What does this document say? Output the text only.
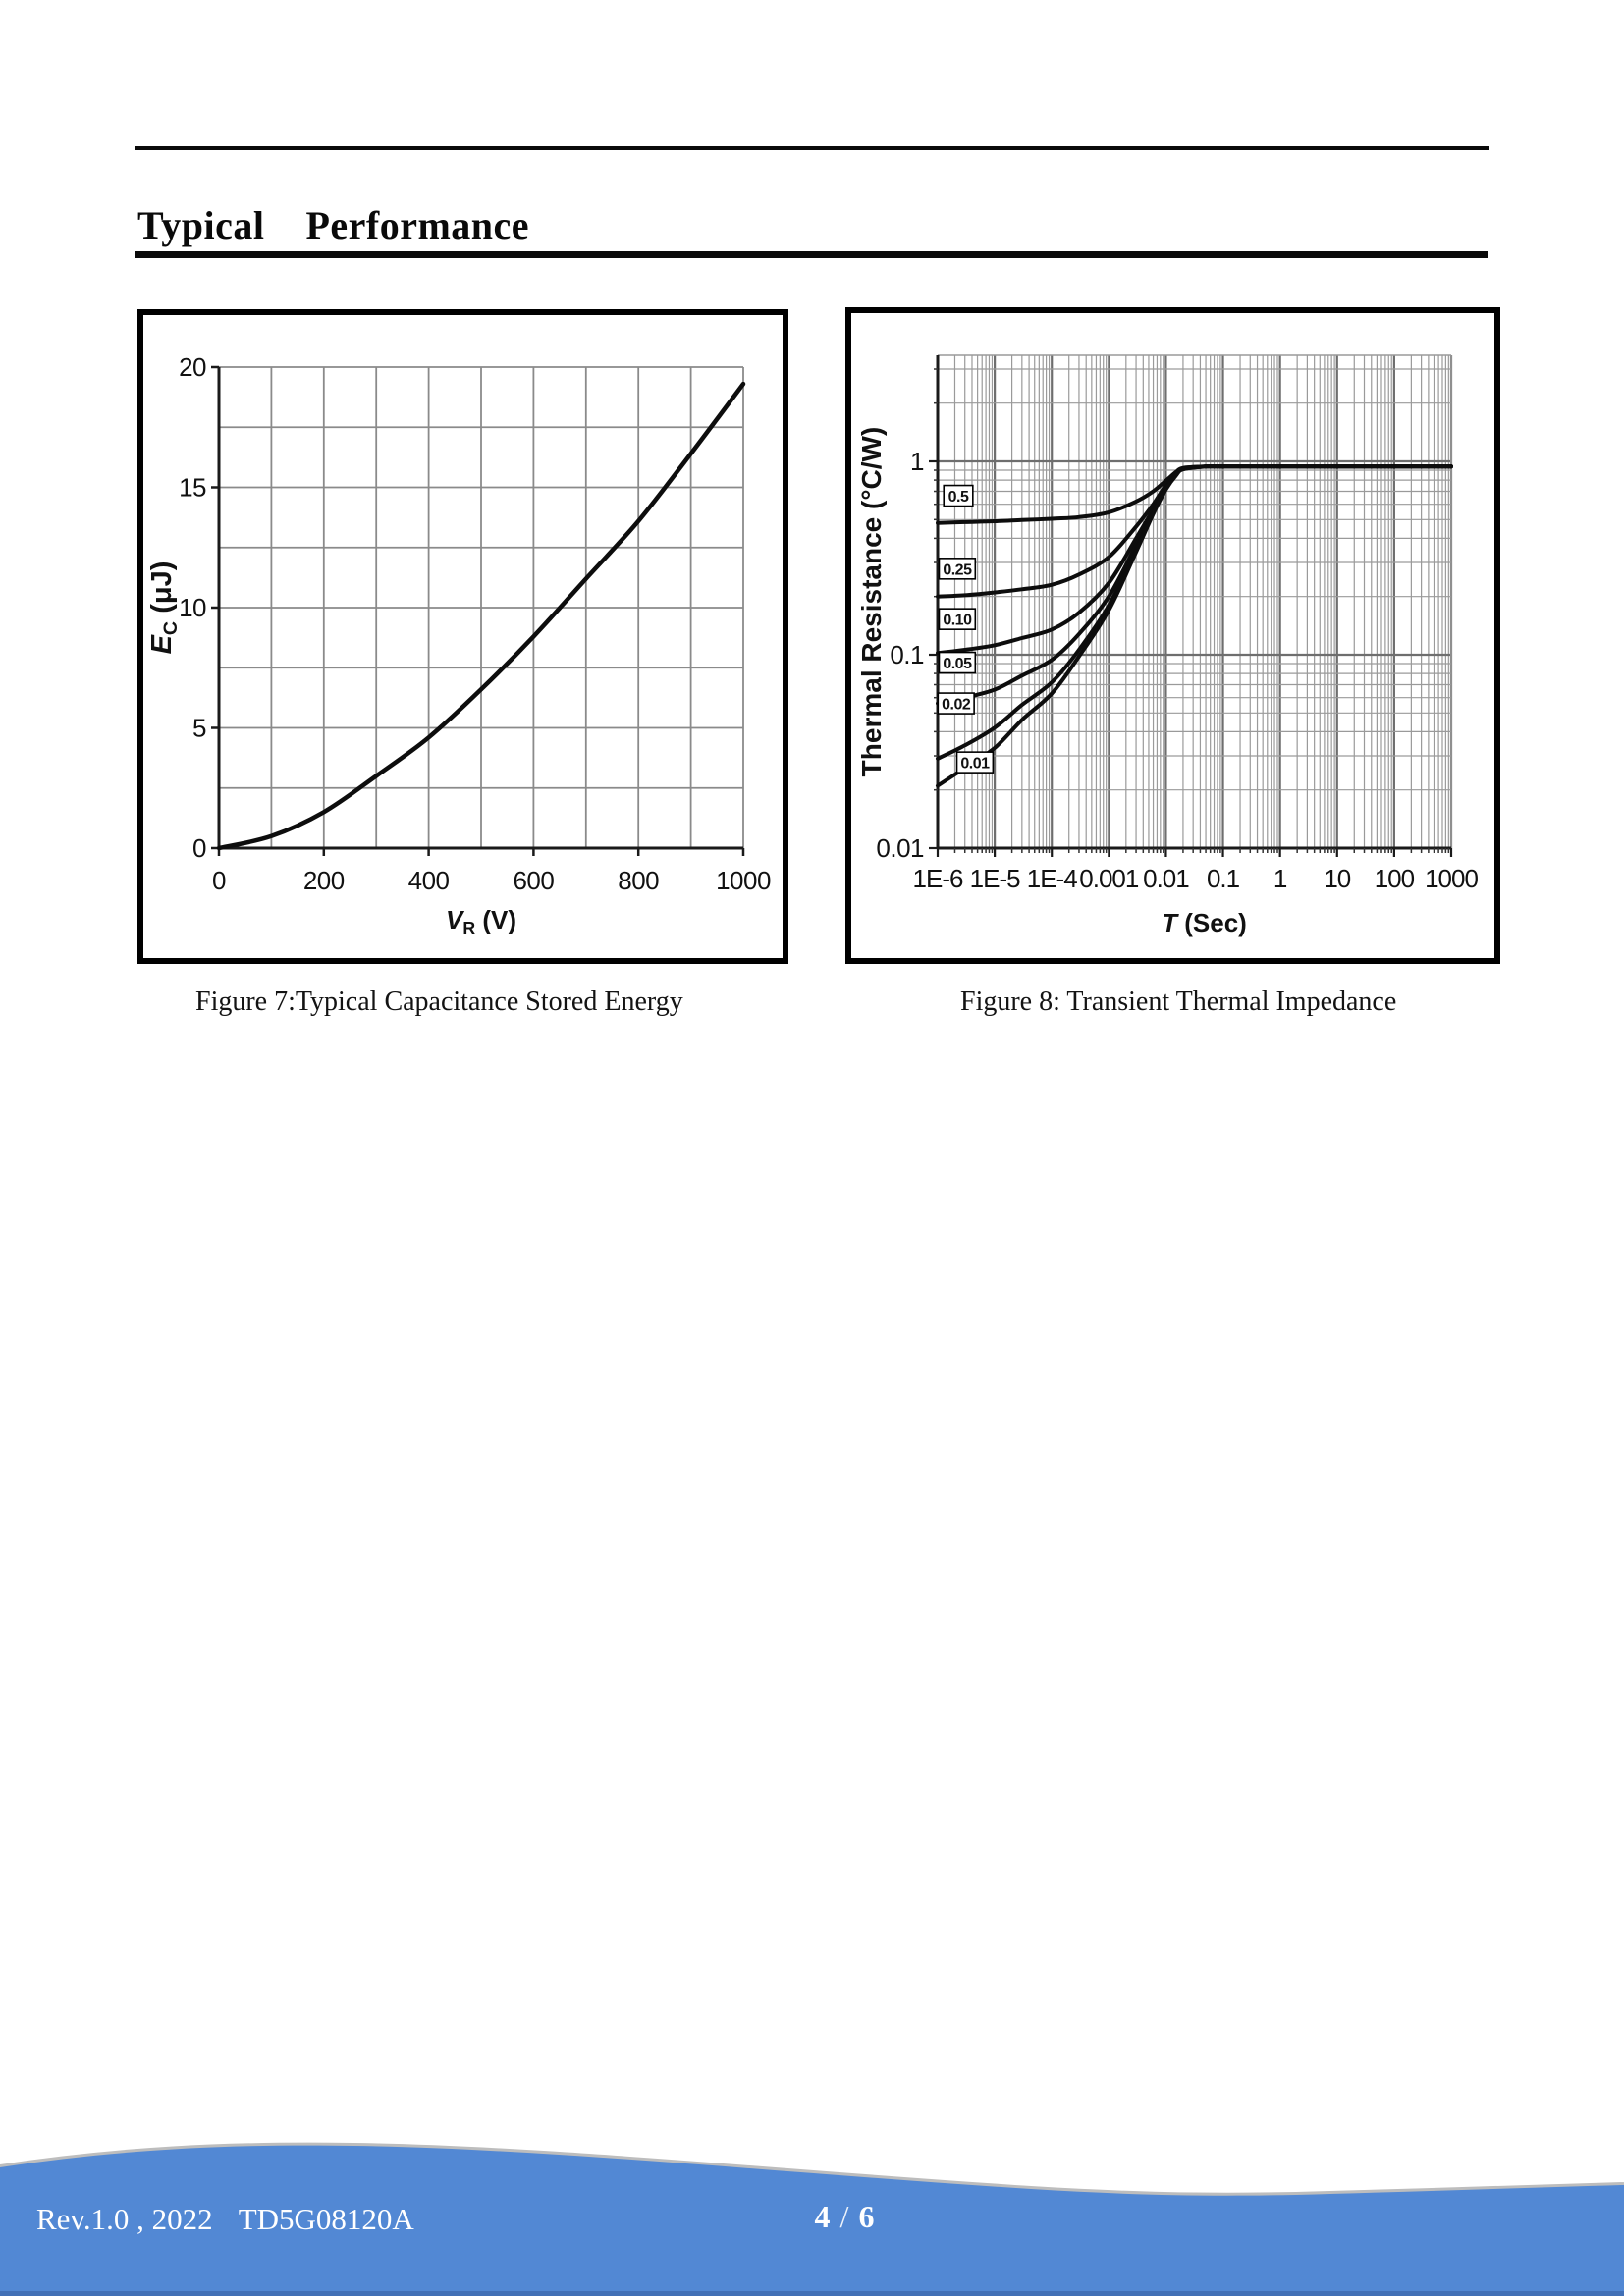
Typical    Performance
0
5
10
15
20
0	200 400 600 800 1000
$E_C$ (μJ)
$V_R$ (V)
1
0.1
0.01
1E-6 1E-5 1E-4 0.001 0.01 0.1 1 10 100 1000
Thermal Resistance (°C/W)
T (Sec)
0.5
0.25
0.10
0.05
0.02
0.01
Figure 7:Typical Capacitance Stored Energy	Figure 8: Transient Thermal Impedance
Rev.1.0 , 2022 TD5G08120A	4 / 6
